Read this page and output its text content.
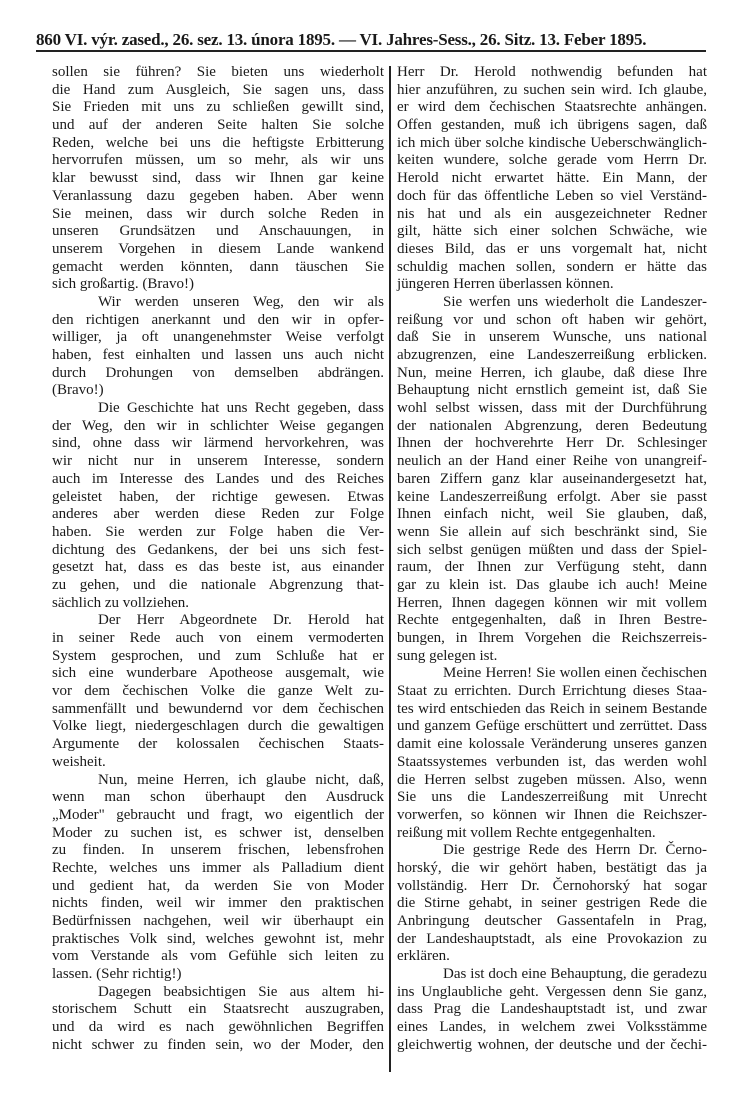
860 VI. výr. zased., 26. sez. 13. února 1895. — VI. Jahres-Sess., 26. Sitz. 13. Feber 1895.
sollen sie führen? Sie bieten uns wiederholt
die Hand zum Ausgleich, Sie sagen uns, dass
Sie Frieden mit uns zu schließen gewillt sind,
und auf der anderen Seite halten Sie solche
Reden, welche bei uns die heftigste Erbitterung
hervorrufen müssen, um so mehr, als wir uns
klar bewusst sind, dass wir Ihnen gar keine
Veranlassung dazu gegeben haben. Aber wenn
Sie meinen, dass wir durch solche Reden in
unseren Grundsätzen und Anschauungen, in
unserem Vorgehen in diesem Lande wankend
gemacht werden könnten, dann täuschen Sie
sich großartig. (Bravo!)
Wir werden unseren Weg, den wir als
den richtigen anerkannt und den wir in opfer-
williger, ja oft unangenehmster Weise verfolgt
haben, fest einhalten und lassen uns auch nicht
durch Drohungen von demselben abdrängen.
(Bravo!)
Die Geschichte hat uns Recht gegeben, dass
der Weg, den wir in schlichter Weise gegangen
sind, ohne dass wir lärmend hervorkehren, was
wir nicht nur in unserem Interesse, sondern
auch im Interesse des Landes und des Reiches
geleistet haben, der richtige gewesen. Etwas
anderes aber werden diese Reden zur Folge
haben. Sie werden zur Folge haben die Ver-
dichtung des Gedankens, der bei uns sich fest-
gesetzt hat, dass es das beste ist, aus einander
zu gehen, und die nationale Abgrenzung that-
sächlich zu vollziehen.
Der Herr Abgeordnete Dr. Herold hat
in seiner Rede auch von einem vermoderten
System gesprochen, und zum Schluße hat er
sich eine wunderbare Apotheose ausgemalt, wie
vor dem čechischen Volke die ganze Welt zu-
sammenfällt und bewundernd vor dem čechischen
Volke liegt, niedergeschlagen durch die gewaltigen
Argumente der kolossalen čechischen Staats-
weisheit.
Nun, meine Herren, ich glaube nicht, daß,
wenn man schon überhaupt den Ausdruck
„Moder" gebraucht und fragt, wo eigentlich der
Moder zu suchen ist, es schwer ist, denselben
zu finden. In unserem frischen, lebensfrohen
Rechte, welches uns immer als Palladium dient
und gedient hat, da werden Sie von Moder
nichts finden, weil wir immer den praktischen
Bedürfnissen nachgehen, weil wir überhaupt ein
praktisches Volk sind, welches gewohnt ist, mehr
vom Verstande als vom Gefühle sich leiten zu
lassen. (Sehr richtig!)
Dagegen beabsichtigen Sie aus altem hi-
storischem Schutt ein Staatsrecht auszugraben,
und da wird es nach gewöhnlichen Begriffen
nicht schwer zu finden sein, wo der Moder, den
Herr Dr. Herold nothwendig befunden hat
hier anzuführen, zu suchen sein wird. Ich glaube,
er wird dem čechischen Staatsrechte anhängen.
Offen gestanden, muß ich übrigens sagen, daß
ich mich über solche kindische Ueberschwänglich-
keiten wundere, solche gerade vom Herrn Dr.
Herold nicht erwartet hätte. Ein Mann, der
doch für das öffentliche Leben so viel Verständ-
nis hat und als ein ausgezeichneter Redner
gilt, hätte sich einer solchen Schwäche, wie
dieses Bild, das er uns vorgemalt hat, nicht
schuldig machen sollen, sondern er hätte das
jüngeren Herren überlassen können.
Sie werfen uns wiederholt die Landeszer-
reißung vor und schon oft haben wir gehört,
daß Sie in unserem Wunsche, uns national
abzugrenzen, eine Landeszerreißung erblicken.
Nun, meine Herren, ich glaube, daß diese Ihre
Behauptung nicht ernstlich gemeint ist, daß Sie
wohl selbst wissen, dass mit der Durchführung
der nationalen Abgrenzung, deren Bedeutung
Ihnen der hochverehrte Herr Dr. Schlesinger
neulich an der Hand einer Reihe von unangreif-
baren Ziffern ganz klar auseinandergesetzt hat,
keine Landeszerreißung erfolgt. Aber sie passt
Ihnen einfach nicht, weil Sie glauben, daß,
wenn Sie allein auf sich beschränkt sind, Sie
sich selbst genügen müßten und dass der Spiel-
raum, der Ihnen zur Verfügung steht, dann
gar zu klein ist. Das glaube ich auch! Meine
Herren, Ihnen dagegen können wir mit vollem
Rechte entgegenhalten, daß in Ihren Bestre-
bungen, in Ihrem Vorgehen die Reichszerreis-
sung gelegen ist.
Meine Herren! Sie wollen einen čechischen
Staat zu errichten. Durch Errichtung dieses Staa-
tes wird entschieden das Reich in seinem Bestande
und ganzem Gefüge erschüttert und zerrüttet. Dass
damit eine kolossale Veränderung unseres ganzen
Staatssystemes verbunden ist, das werden wohl
die Herren selbst zugeben müssen. Also, wenn
Sie uns die Landeszerreißung mit Unrecht
vorwerfen, so können wir Ihnen die Reichszer-
reißung mit vollem Rechte entgegenhalten.
Die gestrige Rede des Herrn Dr. Černo-
horský, die wir gehört haben, bestätigt das ja
vollständig. Herr Dr. Černohorský hat sogar
die Stirne gehabt, in seiner gestrigen Rede die
Anbringung deutscher Gassentafeln in Prag,
der Landeshauptstadt, als eine Provokazion zu
erklären.
Das ist doch eine Behauptung, die geradezu
ins Unglaubliche geht. Vergessen denn Sie ganz,
dass Prag die Landeshauptstadt ist, und zwar
eines Landes, in welchem zwei Volksstämme
gleichwertig wohnen, der deutsche und der čechi-
